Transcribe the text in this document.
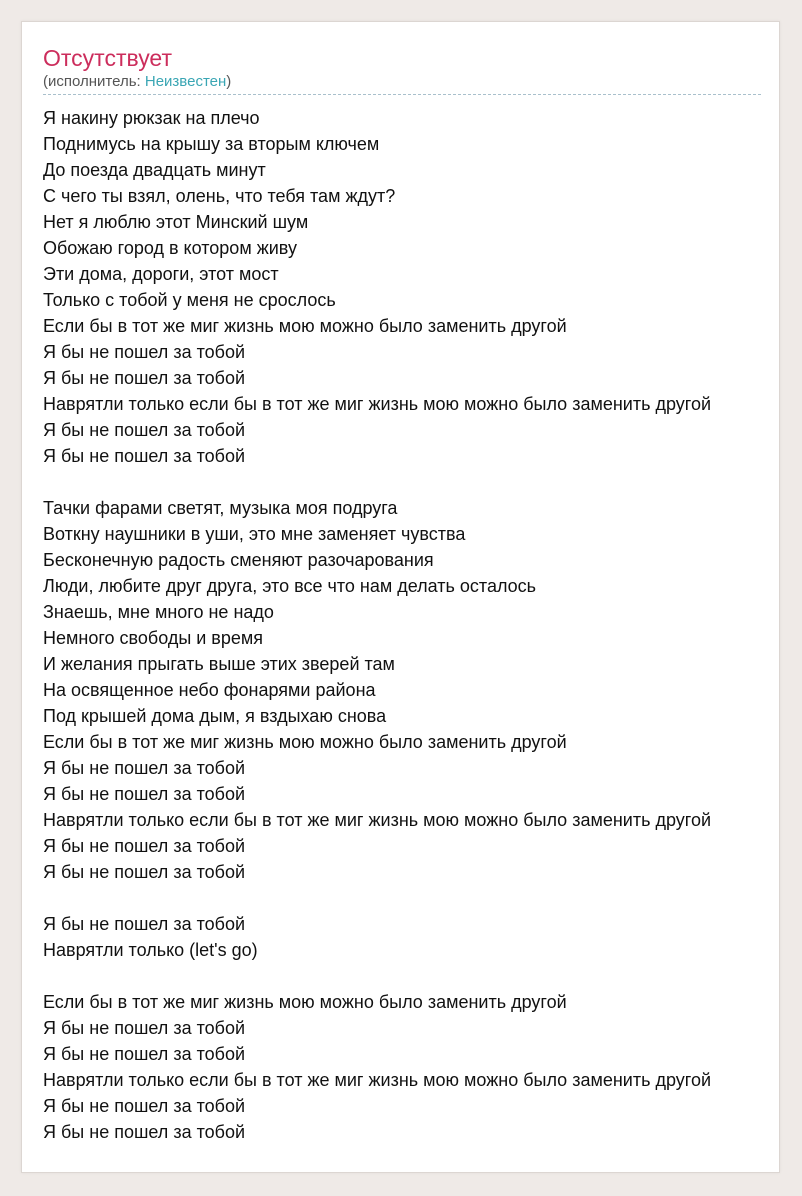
Отсутствует
(исполнитель: Неизвестен)
Я накину рюкзак на плечо
Поднимусь на крышу за вторым ключем
До поезда двадцать минут
С чего ты взял, олень, что тебя там ждут?
Нет я люблю этот Минский шум
Обожаю город в котором живу
Эти дома, дороги, этот мост
Только с тобой у меня не срослось
Если бы в тот же миг жизнь мою можно было заменить другой
Я бы не пошел за тобой
Я бы не пошел за тобой
Наврятли только если бы в тот же миг жизнь мою можно было заменить другой
Я бы не пошел за тобой
Я бы не пошел за тобой
Тачки фарами светят, музыка моя подруга
Воткну наушники в уши, это мне заменяет чувства
Бесконечную радость сменяют разочарования
Люди, любите друг друга, это все что нам делать осталось
Знаешь, мне много не надо
Немного свободы и время
И желания прыгать выше этих зверей там
На освященное небо фонарями района
Под крышей дома дым, я вздыхаю снова
Если бы в тот же миг жизнь мою можно было заменить другой
Я бы не пошел за тобой
Я бы не пошел за тобой
Наврятли только если бы в тот же миг жизнь мою можно было заменить другой
Я бы не пошел за тобой
Я бы не пошел за тобой
Я бы не пошел за тобой
Наврятли только (let's go)
Если бы в тот же миг жизнь мою можно было заменить другой
Я бы не пошел за тобой
Я бы не пошел за тобой
Наврятли только если бы в тот же миг жизнь мою можно было заменить другой
Я бы не пошел за тобой
Я бы не пошел за тобой
